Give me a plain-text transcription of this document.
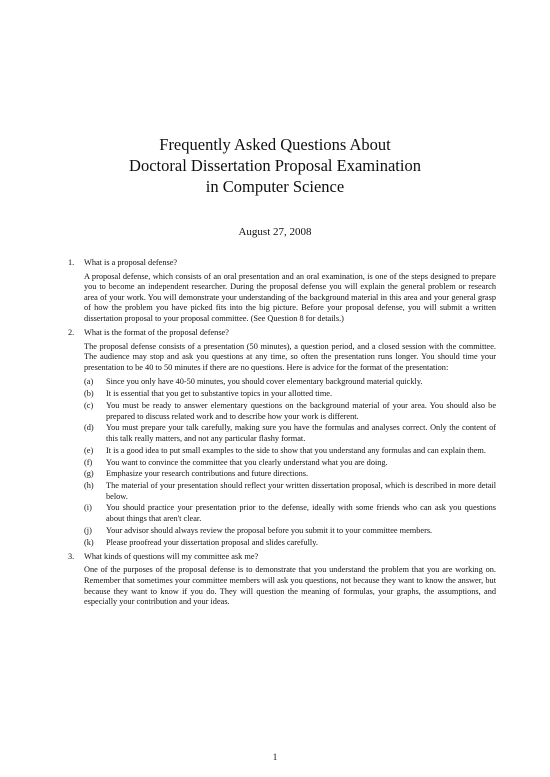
Frequently Asked Questions About
Doctoral Dissertation Proposal Examination
in Computer Science
August 27, 2008
1. What is a proposal defense?
A proposal defense, which consists of an oral presentation and an oral examination, is one of the steps designed to prepare you to become an independent researcher. During the proposal defense you will explain the general problem or research area of your work. You will demonstrate your understanding of the background material in this area and your general grasp of how the problem you have picked fits into the big picture. Before your proposal defense, you will submit a written dissertation proposal to your proposal committee. (See Question 8 for details.)
2. What is the format of the proposal defense?
The proposal defense consists of a presentation (50 minutes), a question period, and a closed session with the committee. The audience may stop and ask you questions at any time, so often the presentation runs longer. You should time your presentation to be 40 to 50 minutes if there are no questions. Here is advice for the format of the presentation:
(a) Since you only have 40-50 minutes, you should cover elementary background material quickly.
(b) It is essential that you get to substantive topics in your allotted time.
(c) You must be ready to answer elementary questions on the background material of your area. You should also be prepared to discuss related work and to describe how your work is different.
(d) You must prepare your talk carefully, making sure you have the formulas and analyses correct. Only the content of this talk really matters, and not any particular flashy format.
(e) It is a good idea to put small examples to the side to show that you understand any formulas and can explain them.
(f) You want to convince the committee that you clearly understand what you are doing.
(g) Emphasize your research contributions and future directions.
(h) The material of your presentation should reflect your written dissertation proposal, which is described in more detail below.
(i) You should practice your presentation prior to the defense, ideally with some friends who can ask you questions about things that aren't clear.
(j) Your advisor should always review the proposal before you submit it to your committee members.
(k) Please proofread your dissertation proposal and slides carefully.
3. What kinds of questions will my committee ask me?
One of the purposes of the proposal defense is to demonstrate that you understand the problem that you are working on. Remember that sometimes your committee members will ask you questions, not because they want to know the answer, but because they want to know if you do. They will question the meaning of formulas, your graphs, the assumptions, and especially your contribution and your ideas.
1
